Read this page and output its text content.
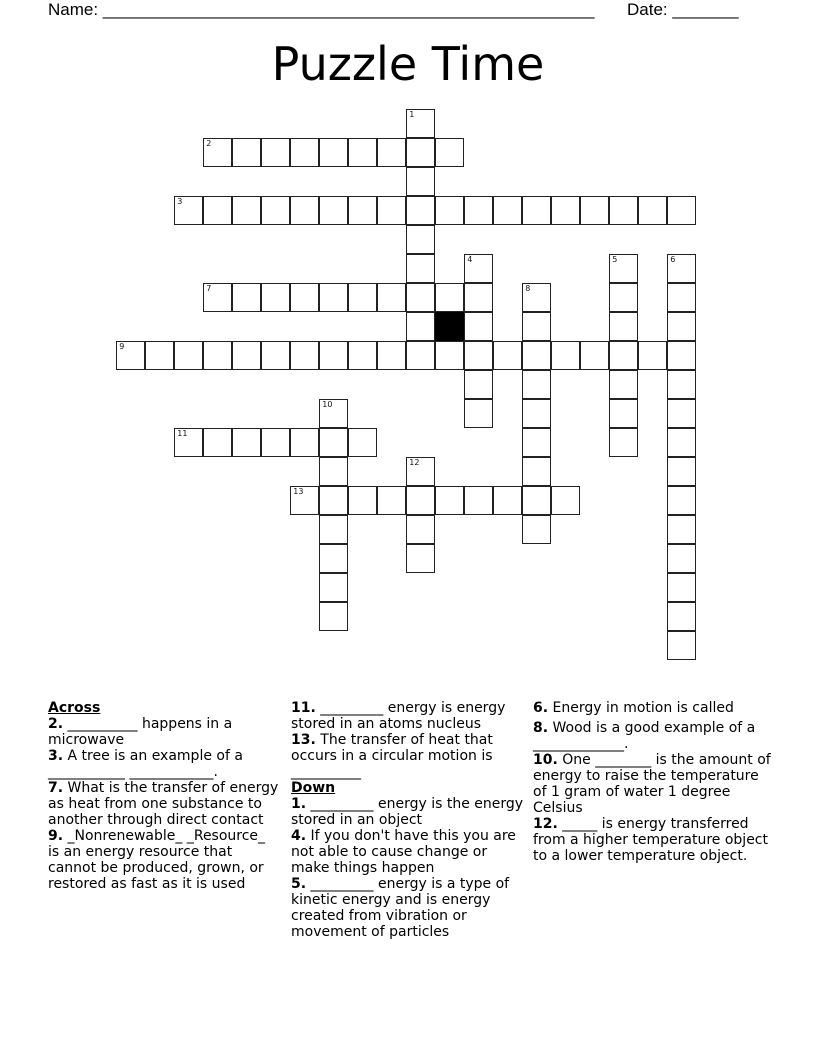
Name: ____________________________________________________ Date: _______
Puzzle Time
1
2
3
4	5	6
7	8
9
10
11
12
13

Across

2. __________ happens in a microwave

3. A tree is an example of a ___________ ____________.

7. What is the transfer of energy as heat from one substance to another through direct contact

9. _Nonrenewable_ _Resource_ is an energy resource that cannot be produced, grown, or restored as fast as it is used

11. _________ energy is energy stored in an atoms nucleus

13. The transfer of heat that occurs in a circular motion is __________

Down

1. _________ energy is the energy stored in an object

4. If you don't have this you are not able to cause change or make things happen

5. _________ energy is a type of kinetic energy and is energy created from vibration or movement of particles

6. Energy in motion is called

8. Wood is a good example of a _____________.

10. One ________ is the amount of energy to raise the temperature of 1 gram of water 1 degree Celsius

12. _____ is energy transferred from a higher temperature object to a lower temperature object.
